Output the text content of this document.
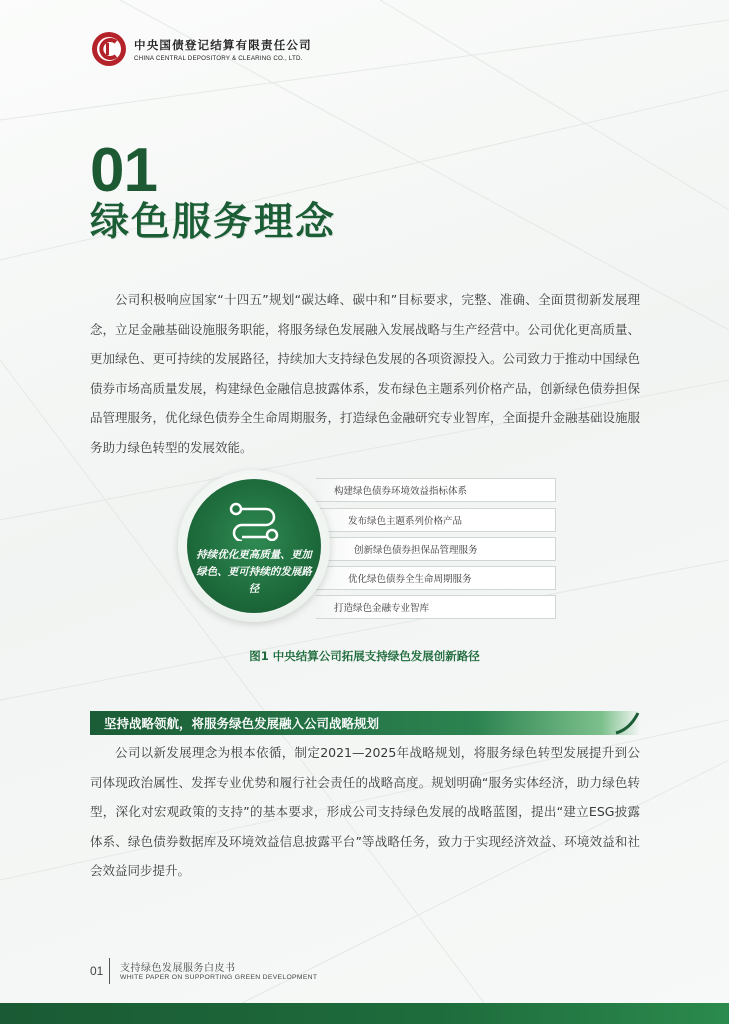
中央国债登记结算有限责任公司
CHINA CENTRAL DEPOSITORY & CLEARING CO., LTD.
01
绿色服务理念

公司积极响应国家“十四五”规划“碳达峰、碳中和”目标要求，完整、准确、全面贯彻新发展理念，立足金融基础设施服务职能，将服务绿色发展融入发展战略与生产经营中。公司优化更高质量、更加绿色、更可持续的发展路径，持续加大支持绿色发展的各项资源投入。公司致力于推动中国绿色债券市场高质量发展，构建绿色金融信息披露体系，发布绿色主题系列价格产品，创新绿色债券担保品管理服务，优化绿色债券全生命周期服务，打造绿色金融研究专业智库，全面提升金融基础设施服务助力绿色转型的发展效能。

构建绿色债券环境效益指标体系
发布绿色主题系列价格产品
创新绿色债券担保品管理服务
优化绿色债券全生命周期服务
打造绿色金融专业智库
持续优化更高质量、更加绿色、更可持续的发展路径
图1 中央结算公司拓展支持绿色发展创新路径
坚持战略领航，将服务绿色发展融入公司战略规划

公司以新发展理念为根本依循，制定2021—2025年战略规划，将服务绿色转型发展提升到公司体现政治属性、发挥专业优势和履行社会责任的战略高度。规划明确“服务实体经济，助力绿色转型，深化对宏观政策的支持”的基本要求，形成公司支持绿色发展的战略蓝图，提出“建立ESG披露体系、绿色债券数据库及环境效益信息披露平台”等战略任务，致力于实现经济效益、环境效益和社会效益同步提升。

01 支持绿色发展服务白皮书
WHITE PAPER ON SUPPORTING GREEN DEVELOPMENT
